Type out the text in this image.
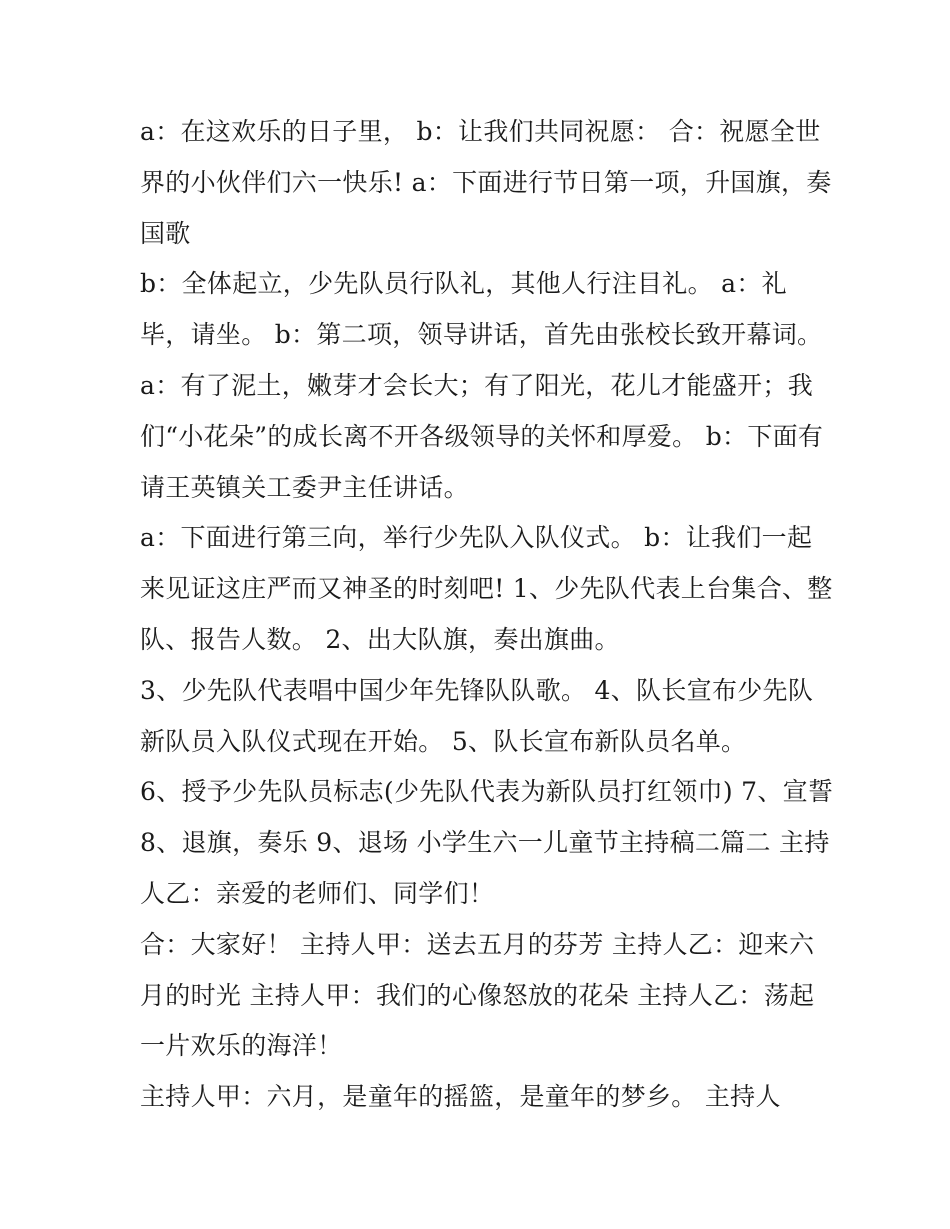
a：在这欢乐的日子里， b：让我们共同祝愿： 合：祝愿全世
界的小伙伴们六一快乐! a：下面进行节日第一项，升国旗，奏
国歌
b：全体起立，少先队员行队礼，其他人行注目礼。 a：礼
毕，请坐。 b：第二项，领导讲话，首先由张校长致开幕词。
a：有了泥土，嫩芽才会长大；有了阳光，花儿才能盛开；我
们“小花朵”的成长离不开各级领导的关怀和厚爱。 b：下面有
请王英镇关工委尹主任讲话。
a：下面进行第三向，举行少先队入队仪式。 b：让我们一起
来见证这庄严而又神圣的时刻吧! 1、少先队代表上台集合、整
队、报告人数。 2、出大队旗，奏出旗曲。
3、少先队代表唱中国少年先锋队队歌。 4、队长宣布少先队
新队员入队仪式现在开始。 5、队长宣布新队员名单。
6、授予少先队员标志(少先队代表为新队员打红领巾) 7、宣誓
8、退旗，奏乐 9、退场 小学生六一儿童节主持稿二篇二 主持
人乙：亲爱的老师们、同学们！
合：大家好！ 主持人甲：送去五月的芬芳 主持人乙：迎来六
月的时光 主持人甲：我们的心像怒放的花朵 主持人乙：荡起
一片欢乐的海洋！
主持人甲：六月，是童年的摇篮，是童年的梦乡。 主持人
